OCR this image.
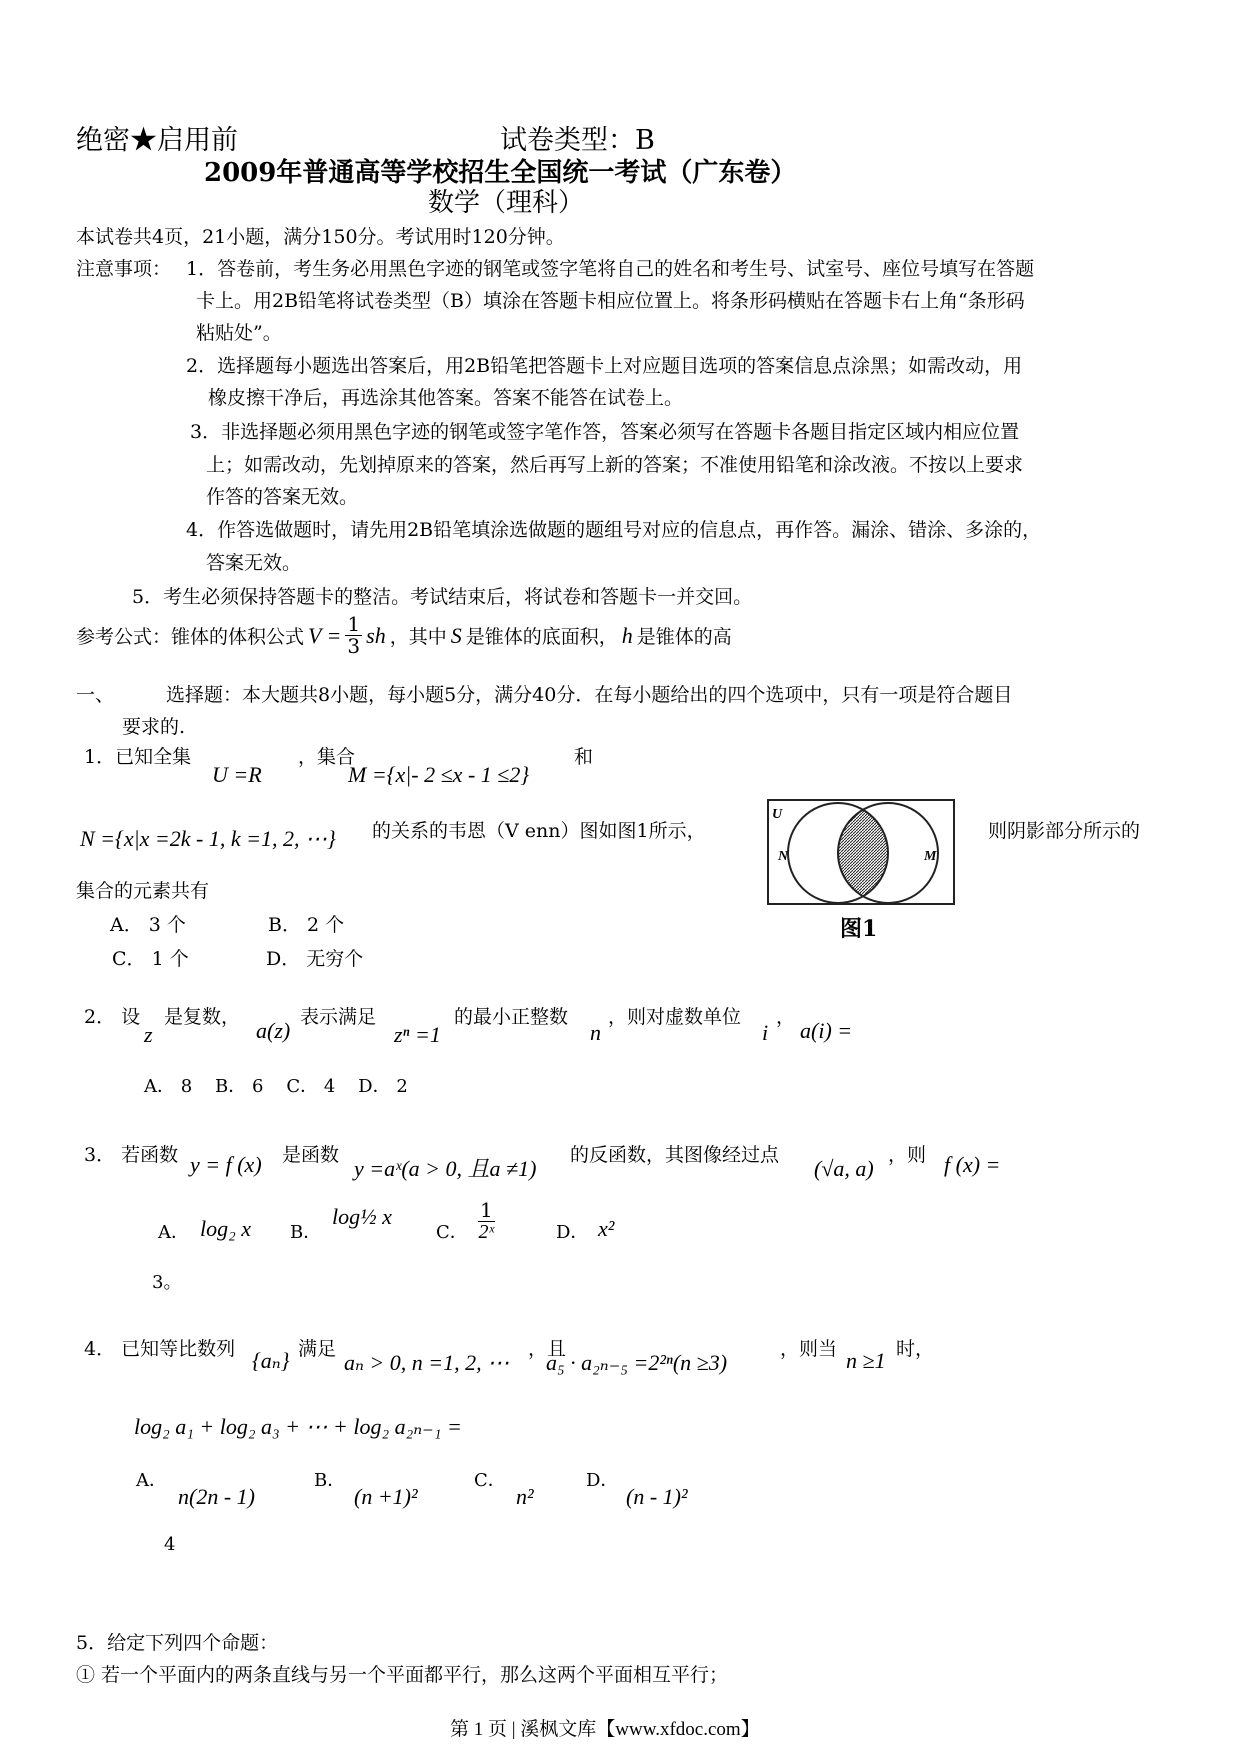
绝密★启用前	试卷类型：B
2009年普通高等学校招生全国统一考试（广东卷）
数学（理科）
本试卷共4页，21小题，满分150分。考试用时120分钟。
注意事项： 1．答卷前，考生务必用黑色字迹的钢笔或签字笔将自己的姓名和考生号、试室号、座位号填写在答题
卡上。用2B铅笔将试卷类型（B）填涂在答题卡相应位置上。将条形码横贴在答题卡右上角“条形码
粘贴处”。
2．选择题每小题选出答案后，用2B铅笔把答题卡上对应题目选项的答案信息点涂黑；如需改动，用
橡皮擦干净后，再选涂其他答案。答案不能答在试卷上。
3．非选择题必须用黑色字迹的钢笔或签字笔作答，答案必须写在答题卡各题目指定区域内相应位置
上；如需改动，先划掉原来的答案，然后再写上新的答案；不准使用铅笔和涂改液。不按以上要求
作答的答案无效。
4．作答选做题时，请先用2B铅笔填涂选做题的题组号对应的信息点，再作答。漏涂、错涂、多涂的，
答案无效。
5．考生必须保持答题卡的整洁。考试结束后，将试卷和答题卡一并交回。
参考公式：锥体的体积公式 $V = \frac{1}{3}$ sh ，其中 S 是锥体的底面积， h 是锥体的高
一、	选择题：本大题共8小题，每小题5分，满分40分．在每小题给出的四个选项中，只有一项是符合题目
要求的.
1．已知全集
U =R
，集合
M ={x|- 2 ≤x - 1 ≤2}
和
N ={x|x =2k - 1, k =1, 2, ⋯} 的关系的韦恩（V enn）图如图1所示，	则阴影部分所示的
集合的元素共有
A． 3 个	B． 2 个
C． 1 个	D． 无穷个
U
N	M
图1
2． 设
z
是复数，
a(z)
表示满足
zⁿ =1
的最小正整数
n
，则对虚数单位
i
，
a(i) =
A． 8    B． 6    C． 4    D． 2
3． 若函数 y = f (x) 是函数
y =aˣ(a > 0, 且a ≠1)
的反函数，其图像经过点
(√a, a)
，则 f (x) =
A． log₂ x B．
log½ x
C． $\frac{1}{\text{2ˣ}}$	D． x²
3。
4． 已知等比数列 {aₙ} 满足
aₙ > 0, n =1, 2, ⋯
，且
a₅ · a₂ₙ₋₅ =2²ⁿ(n ≥3)
，则当 n ≥1 时，
log₂ a₁ + log₂ a₃ + ⋯ + log₂ a₂ₙ₋₁ =
A．
n(2n - 1)
B．
(n +1)²
C．
n²
D．
(n - 1)²
4
5．给定下列四个命题：
① 若一个平面内的两条直线与另一个平面都平行，那么这两个平面相互平行；
第 1 页 | 溪枫文库【www.xfdoc.com】
